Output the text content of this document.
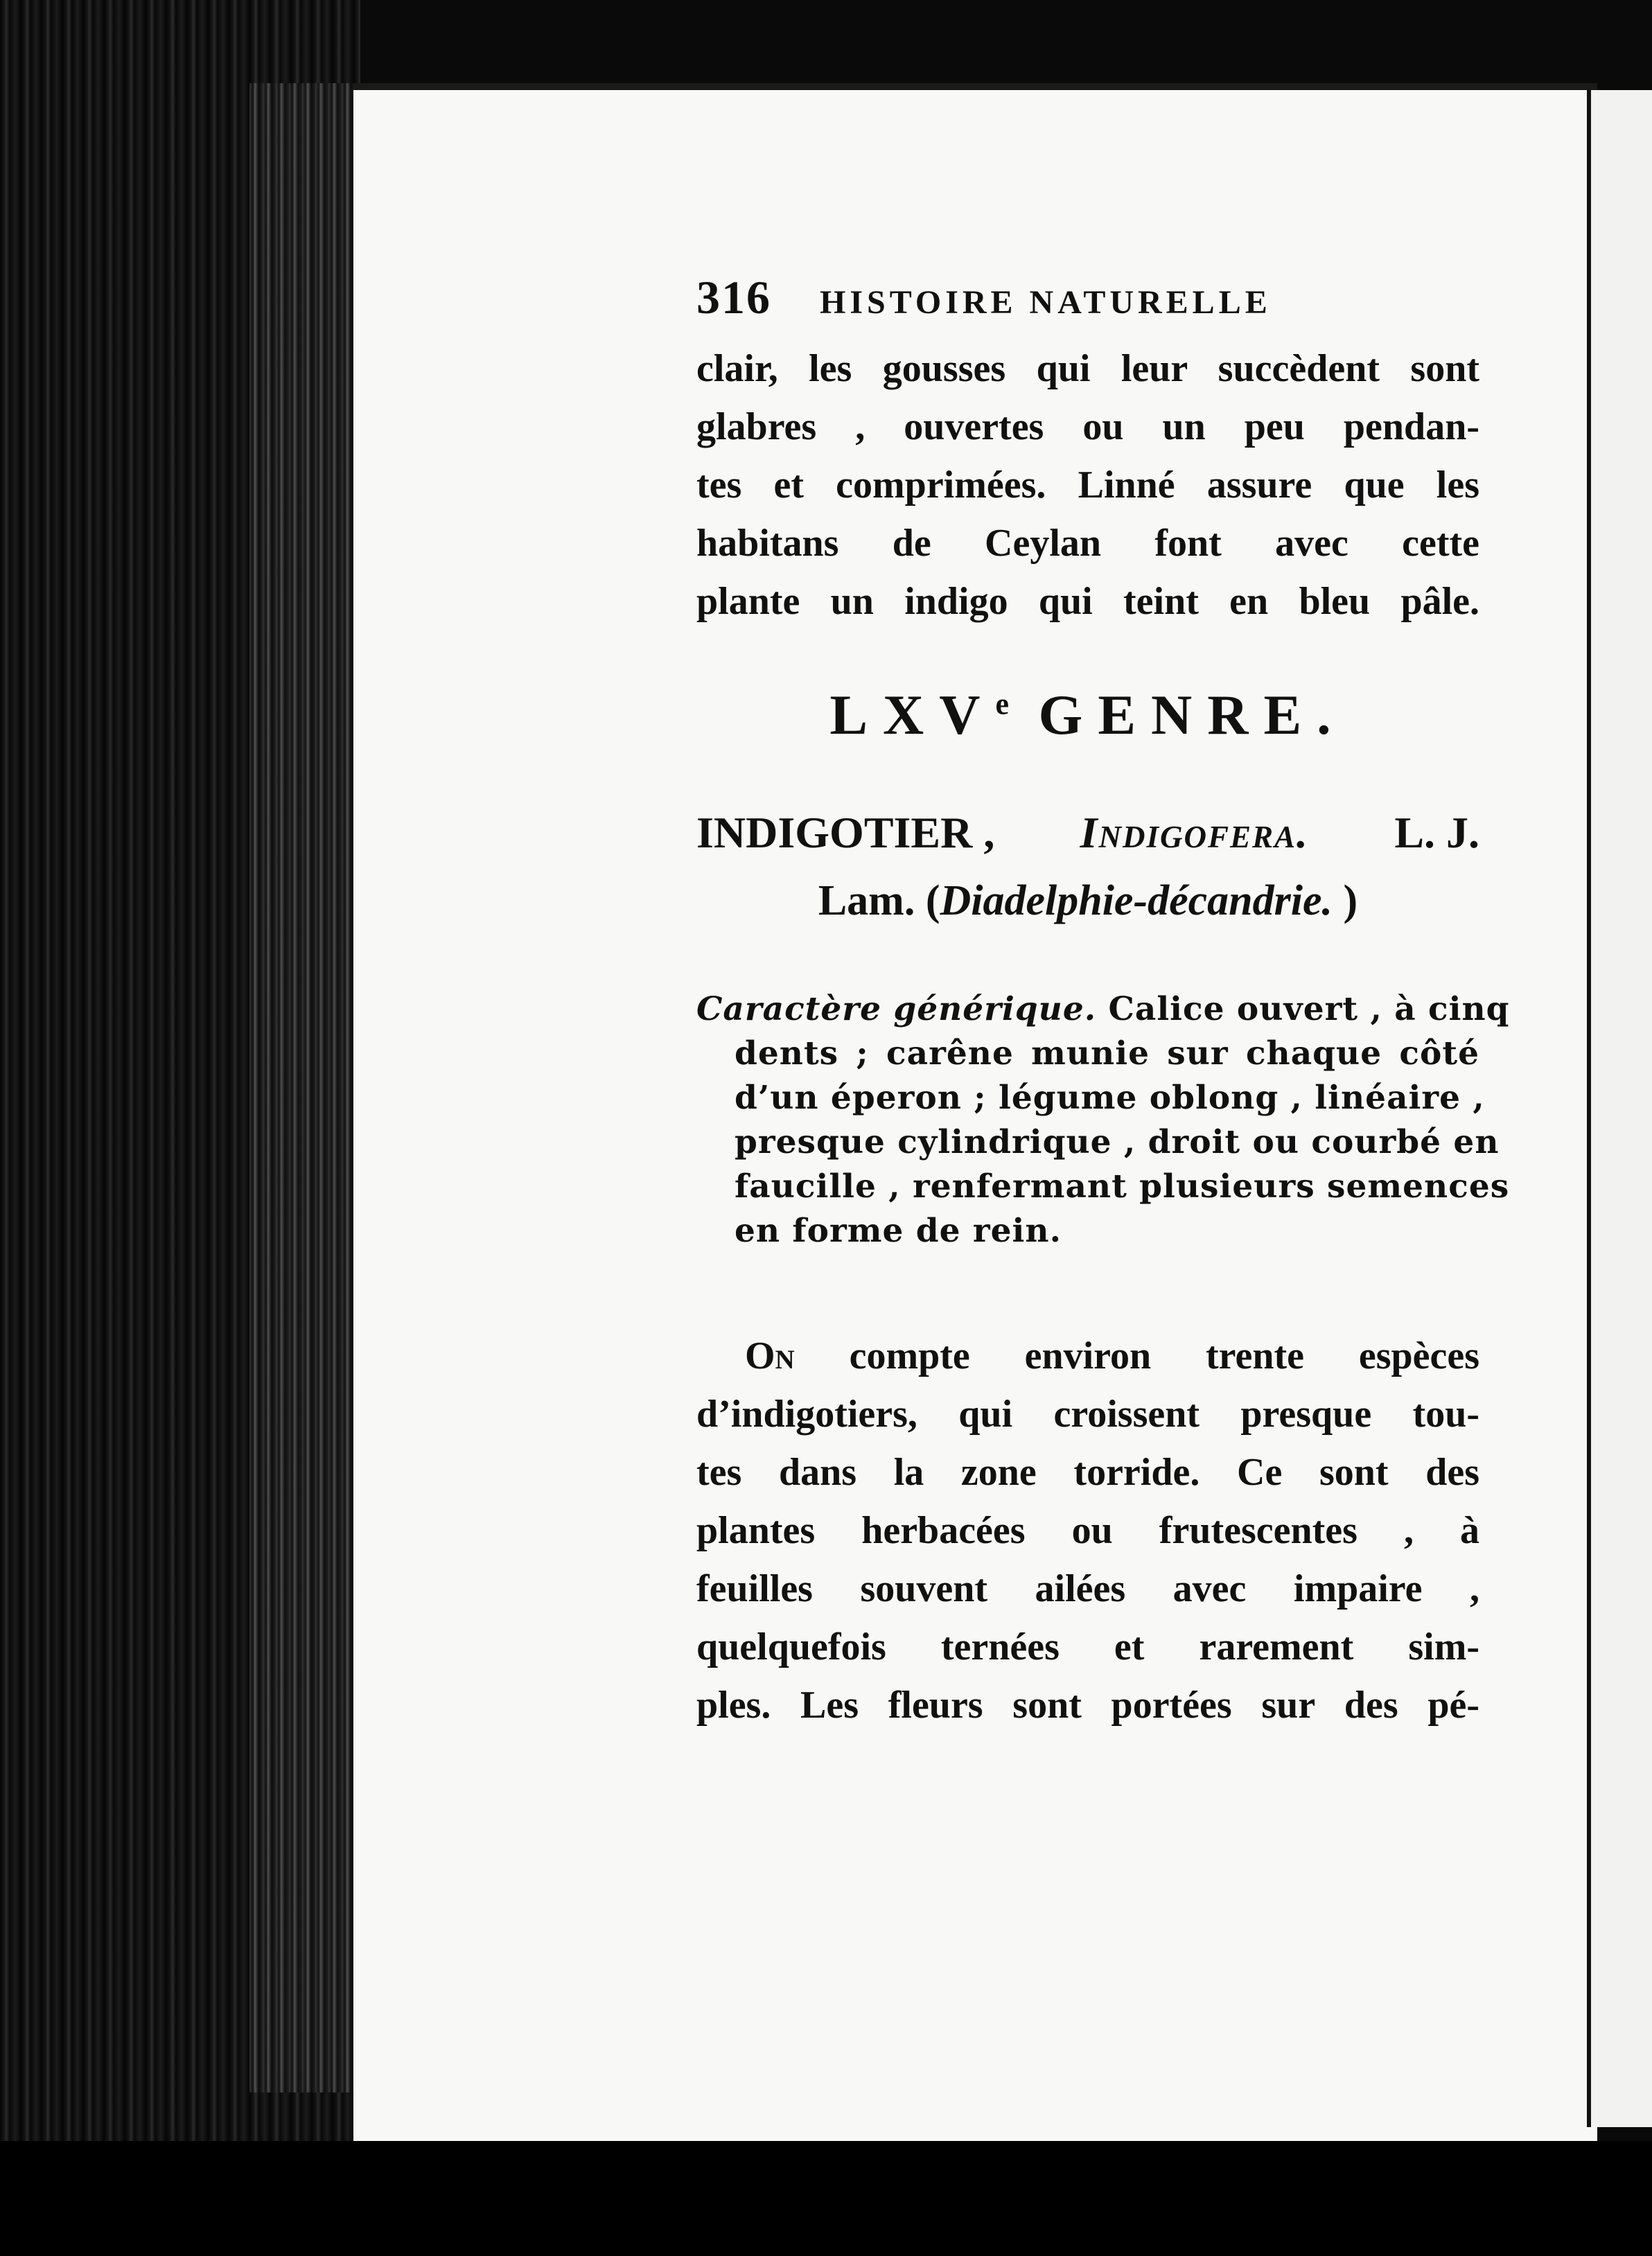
316 HISTOIRE NATURELLE
clair, les gousses qui leur succèdent sont
glabres , ouvertes ou un peu pendan-
tes et comprimées. Linné assure que les
habitans de Ceylan font avec cette
plante un indigo qui teint en bleu pâle.
LXVe GENRE.
INDIGOTIER , Indigofera. L. J.
Lam. (Diadelphie-décandrie. )
Caractère générique. Calice ouvert , à cinq
dents ; carêne munie sur chaque côté
d’un éperon ; légume oblong , linéaire ,
presque cylindrique , droit ou courbé en
faucille , renfermant plusieurs semences
en forme de rein.
On compte environ trente espèces
d’indigotiers, qui croissent presque tou-
tes dans la zone torride. Ce sont des
plantes herbacées ou frutescentes , à
feuilles souvent ailées avec impaire ,
quelquefois ternées et rarement sim-
ples. Les fleurs sont portées sur des pé-
